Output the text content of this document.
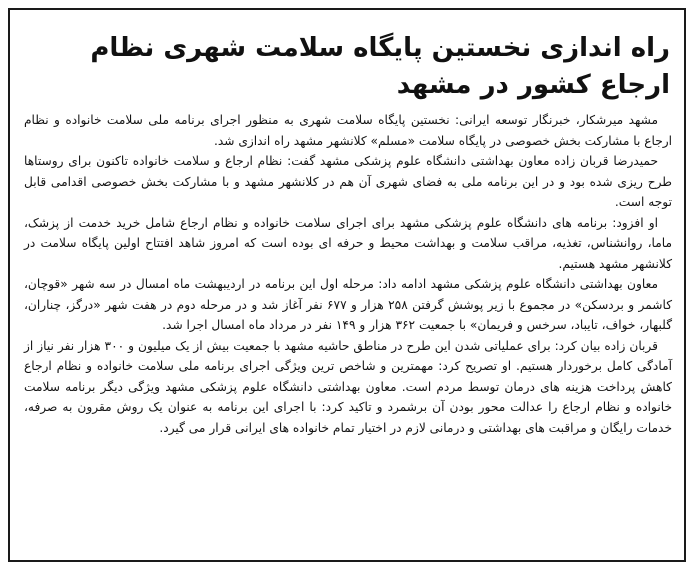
راه اندازی نخستین پایگاه سلامت شهری نظام ارجاع کشور در مشهد

مشهد میرشکار، خبرنگار توسعه ایرانی: نخستین پایگاه سلامت شهری به منظور اجرای برنامه ملی سلامت خانواده و نظام ارجاع با مشارکت بخش خصوصی در پایگاه سلامت «مسلم» کلانشهر مشهد راه اندازی شد.

حمیدرضا قربان زاده معاون بهداشتی دانشگاه علوم پزشکی مشهد گفت: نظام ارجاع و سلامت خانواده تاکنون برای روستاها طرح ریزی شده بود و در این برنامه ملی به فضای شهری آن هم در کلانشهر مشهد و با مشارکت بخش خصوصی اقدامی قابل توجه است.

او افزود: برنامه های دانشگاه علوم پزشکی مشهد برای اجرای سلامت خانواده و نظام ارجاع شامل خرید خدمت از پزشک، ماما، روانشناس، تغذیه، مراقب سلامت و بهداشت محیط و حرفه ای بوده است که امروز شاهد افتتاح اولین پایگاه سلامت در کلانشهر مشهد هستیم.

معاون بهداشتی دانشگاه علوم پزشکی مشهد ادامه داد: مرحله اول این برنامه در اردیبهشت ماه امسال در سه شهر «قوچان، کاشمر و بردسکن» در مجموع با زیر پوشش گرفتن ۲۵۸ هزار و ۶۷۷ نفر آغاز شد و در مرحله دوم در هفت شهر «درگز، چناران، گلبهار، خواف، تایباد، سرخس و فریمان» با جمعیت ۳۶۲ هزار و ۱۴۹ نفر در مرداد ماه امسال اجرا شد.

قربان زاده بیان کرد: برای عملیاتی شدن این طرح در مناطق حاشیه مشهد با جمعیت بیش از یک میلیون و ۳۰۰ هزار نفر نیاز از آمادگی کامل برخوردار هستیم. او تصریح کرد: مهمترین و شاخص ترین ویژگی اجرای برنامه ملی سلامت خانواده و نظام ارجاع کاهش پرداخت هزینه های درمان توسط مردم است. معاون بهداشتی دانشگاه علوم پزشکی مشهد ویژگی دیگر برنامه سلامت خانواده و نظام ارجاع را عدالت محور بودن آن برشمرد و تاکید کرد: با اجرای این برنامه به عنوان یک روش مقرون به صرفه، خدمات رایگان و مراقبت های بهداشتی و درمانی لازم در اختیار تمام خانواده های ایرانی قرار می گیرد.
